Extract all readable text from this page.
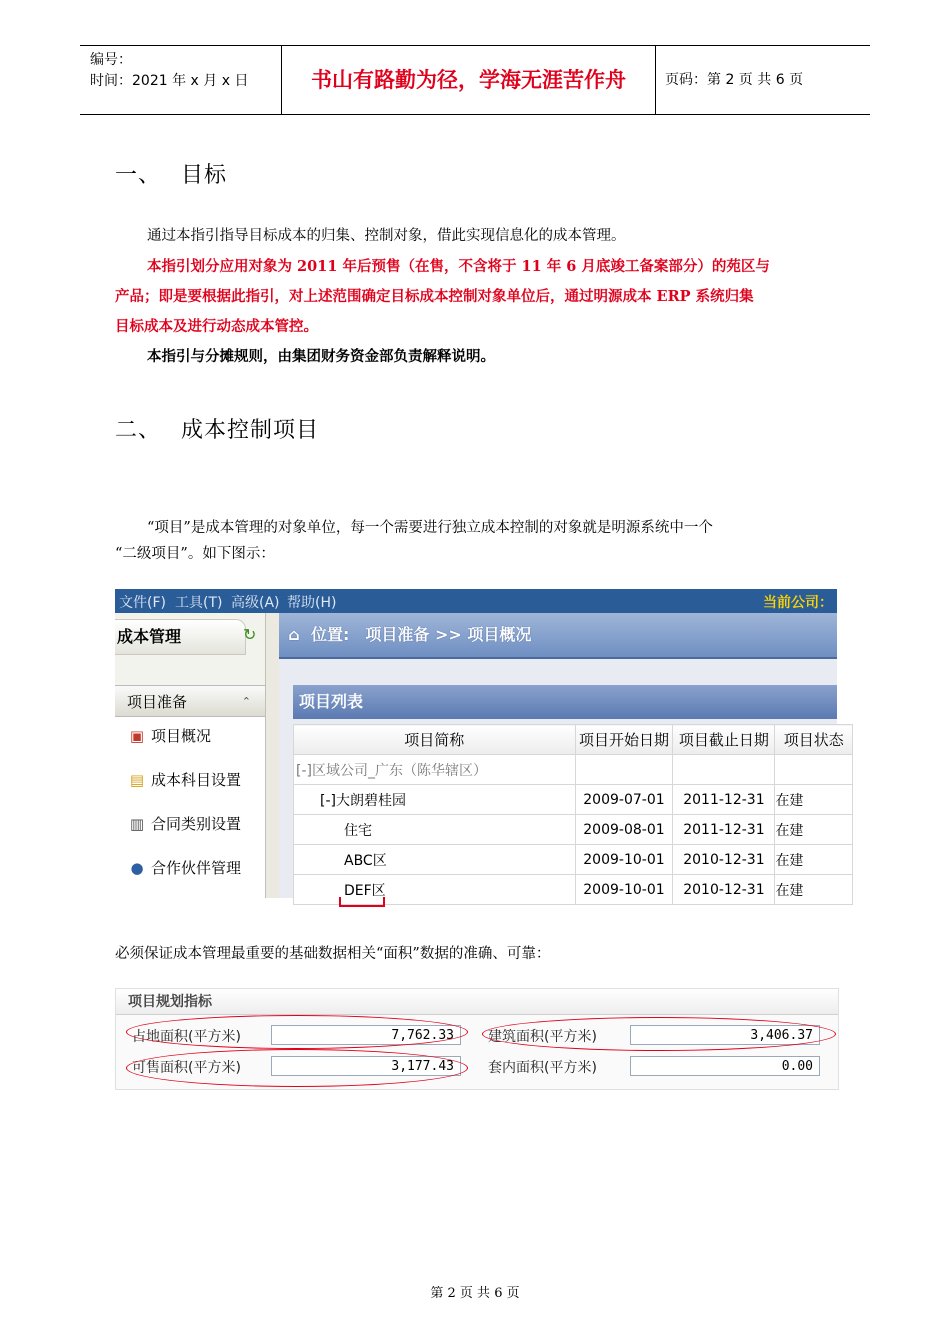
编号：
时间：2021 年 x 月 x 日	书山有路勤为径，学海无涯苦作舟	页码：第 2 页 共 6 页
一、 目标
通过本指引指导目标成本的归集、控制对象，借此实现信息化的成本管理。
本指引划分应用对象为 2011 年后预售（在售，不含将于 11 年 6 月底竣工备案部分）的苑区与
产品；即是要根据此指引，对上述范围确定目标成本控制对象单位后，通过明源成本 ERP 系统归集
目标成本及进行动态成本管控。
本指引与分摊规则，由集团财务资金部负责解释说明。
二、 成本控制项目
“项目”是成本管理的对象单位，每一个需要进行独立成本控制的对象就是明源系统中一个
“二级项目”。如下图示：
文件(F) 工具(T) 高级(A) 帮助(H)	当前公司：
成本管理	↻
项目准备	⌃
▣ 项目概况
▤ 成本科目设置
▥ 合同类别设置
● 合作伙伴管理
⌂ 位置: 项目准备 >> 项目概况
项目列表
项目简称	项目开始日期	项目截止日期	项目状态
[-]区域公司_广东（陈华辖区）			
[-]大朗碧桂园	2009-07-01	2011-12-31	在建
住宅	2009-08-01	2011-12-31	在建
ABC区	2009-10-01	2010-12-31	在建
DEF区	2009-10-01	2010-12-31	在建
必须保证成本管理最重要的基础数据相关“面积”数据的准确、可靠：
项目规划指标
占地面积(平方米)	7,762.33	建筑面积(平方米)	3,406.37
可售面积(平方米)	3,177.43	套内面积(平方米)	0.00
第 2 页 共 6 页
